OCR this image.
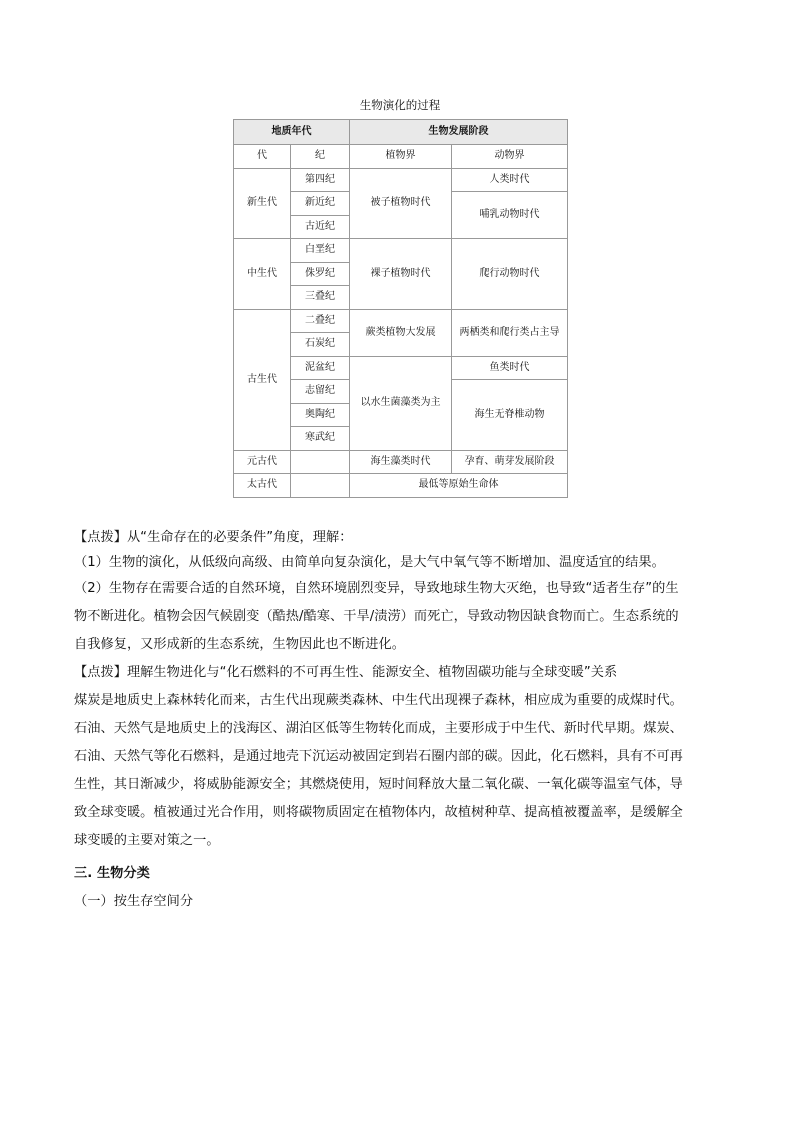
生物演化的过程
地质年代		生物发展阶段	
代	纪	植物界	动物界
新生代	第四纪	被子植物时代	人类时代
	新近纪		哺乳动物时代
	古近纪		
中生代	白垩纪	裸子植物时代	爬行动物时代
	侏罗纪		
	三叠纪		
古生代	二叠纪	蕨类植物大发展	两栖类和爬行类占主导
	石炭纪		
	泥盆纪	以水生菌藻类为主	鱼类时代
	志留纪		海生无脊椎动物
	奥陶纪		
	寒武纪		
元古代		海生藻类时代	孕育、萌芽发展阶段
太古代		最低等原始生命体	
【点拨】从“生命存在的必要条件”角度，理解：
（1）生物的演化，从低级向高级、由简单向复杂演化，是大气中氧气等不断增加、温度适宜的结果。
（2）生物存在需要合适的自然环境，自然环境剧烈变异，导致地球生物大灭绝，也导致“适者生存”的生
物不断进化。植物会因气候剧变（酷热/酷寒、干旱/渍涝）而死亡，导致动物因缺食物而亡。生态系统的
自我修复，又形成新的生态系统，生物因此也不断进化。
【点拨】理解生物进化与“化石燃料的不可再生性、能源安全、植物固碳功能与全球变暖”关系
煤炭是地质史上森林转化而来，古生代出现蕨类森林、中生代出现裸子森林，相应成为重要的成煤时代。
石油、天然气是地质史上的浅海区、湖泊区低等生物转化而成，主要形成于中生代、新时代早期。煤炭、
石油、天然气等化石燃料，是通过地壳下沉运动被固定到岩石圈内部的碳。因此，化石燃料，具有不可再
生性，其日渐减少，将威胁能源安全；其燃烧使用，短时间释放大量二氧化碳、一氧化碳等温室气体，导
致全球变暖。植被通过光合作用，则将碳物质固定在植物体内，故植树种草、提高植被覆盖率，是缓解全
球变暖的主要对策之一。
三. 生物分类
（一）按生存空间分
